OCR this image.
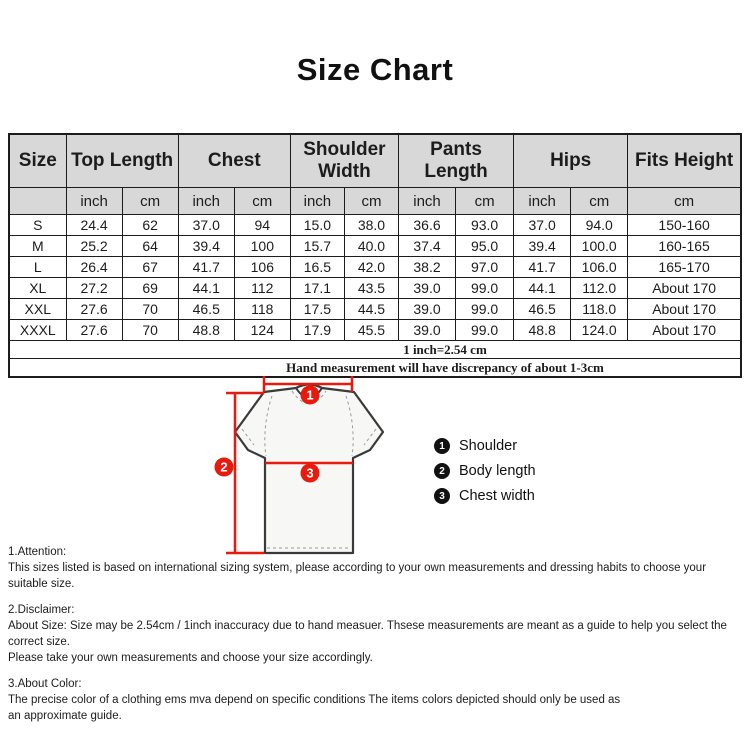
Size Chart
Size	Top Length		Chest		Shoulder Width		Pants Length		Hips		Fits Height
	inch	cm	inch	cm	inch	cm	inch	cm	inch	cm	cm
S	24.4	62	37.0	94	15.0	38.0	36.6	93.0	37.0	94.0	150-160
M	25.2	64	39.4	100	15.7	40.0	37.4	95.0	39.4	100.0	160-165
L	26.4	67	41.7	106	16.5	42.0	38.2	97.0	41.7	106.0	165-170
XL	27.2	69	44.1	112	17.1	43.5	39.0	99.0	44.1	112.0	About 170
XXL	27.6	70	46.5	118	17.5	44.5	39.0	99.0	46.5	118.0	About 170
XXXL	27.6	70	48.8	124	17.9	45.5	39.0	99.0	48.8	124.0	About 170
1 inch=2.54 cm											
Hand measurement will have discrepancy of about 1-3cm											
1
2	3
1 Shoulder
2 Body length
3 Chest width
1.Attention:
This sizes listed is based on international sizing system, please according to your own measurements and dressing habits to choose your suitable size.
2.Disclaimer:
About Size: Size may be 2.54cm / 1inch inaccuracy due to hand measuer. Thsese measurements are meant as a guide to help you select the correct size.
Please take your own measurements and choose your size accordingly.
3.About Color:
The precise color of a clothing ems mva depend on specific conditions The items colors depicted should only be used as
an approximate guide.
